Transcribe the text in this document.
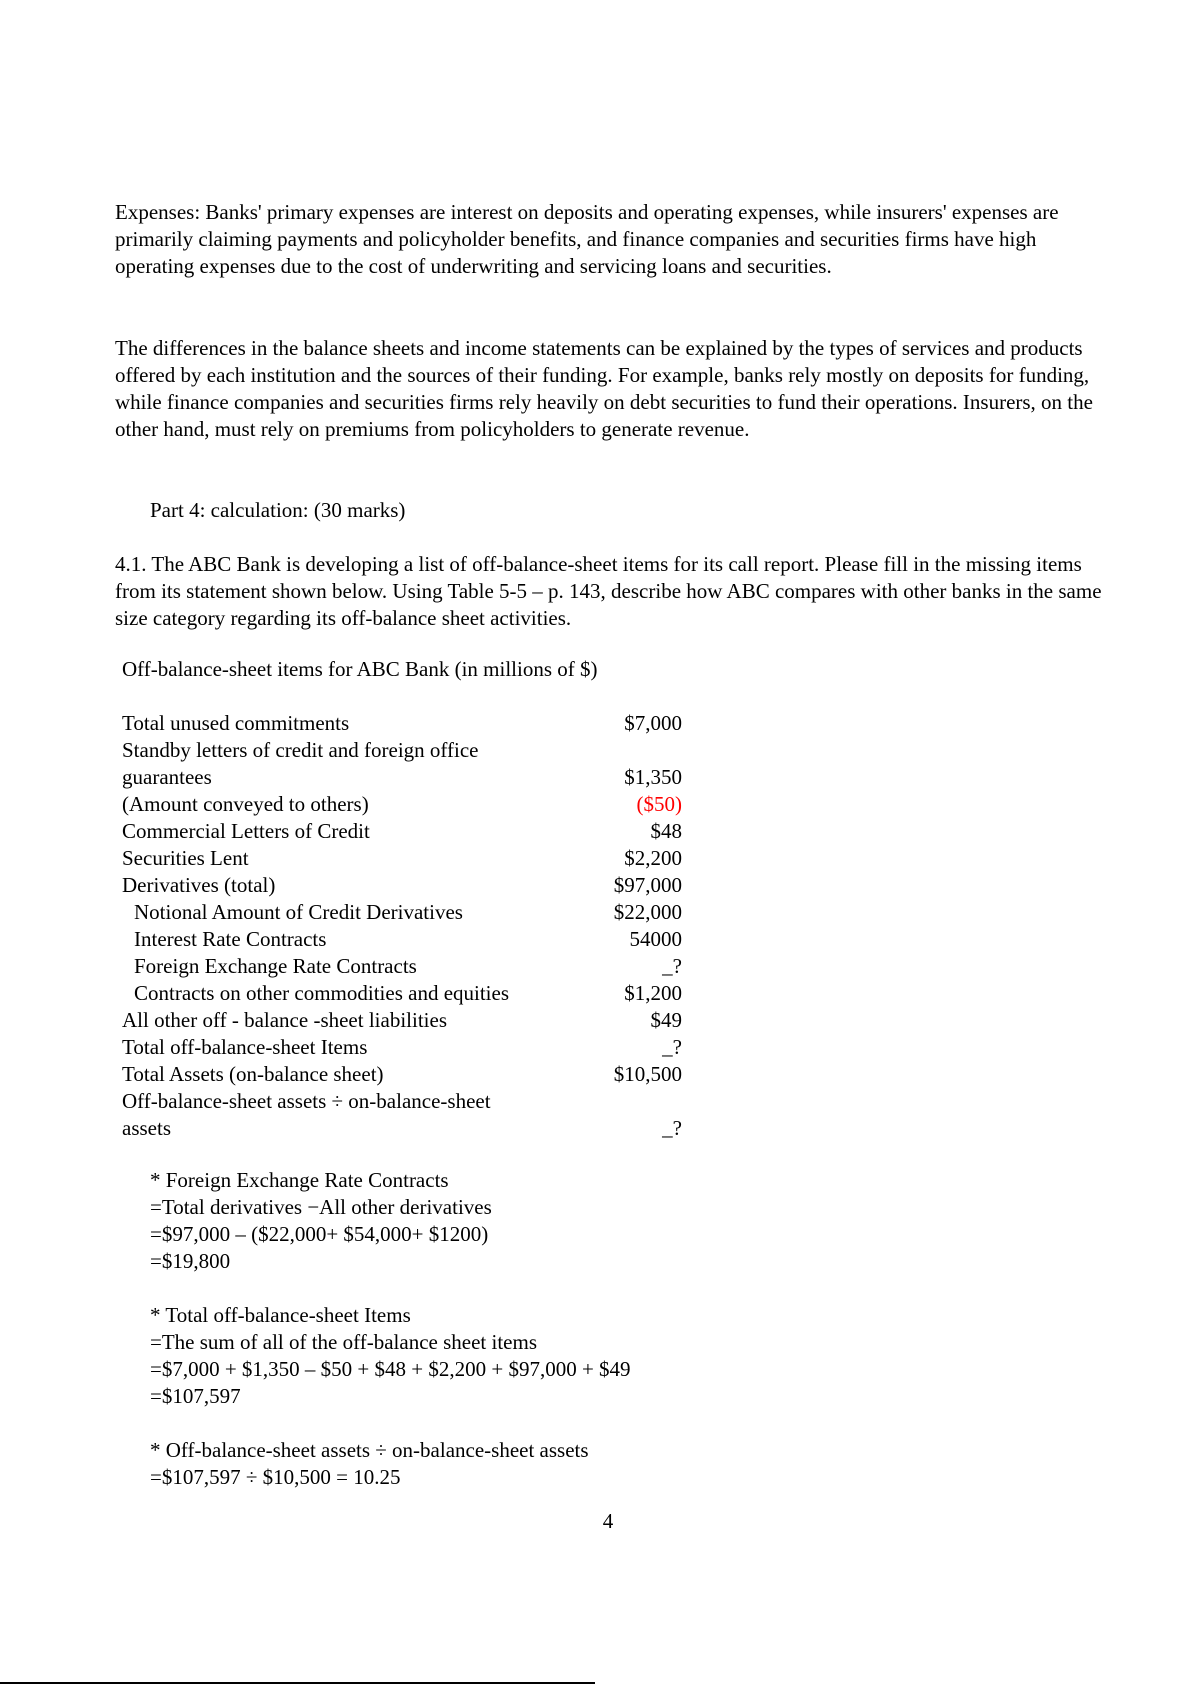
Expenses: Banks' primary expenses are interest on deposits and operating expenses, while insurers' expenses are primarily claiming payments and policyholder benefits, and finance companies and securities firms have high operating expenses due to the cost of underwriting and servicing loans and securities.

The differences in the balance sheets and income statements can be explained by the types of services and products offered by each institution and the sources of their funding. For example, banks rely mostly on deposits for funding, while finance companies and securities firms rely heavily on debt securities to fund their operations. Insurers, on the other hand, must rely on premiums from policyholders to generate revenue.

Part 4: calculation: (30 marks)

4.1. The ABC Bank is developing a list of off-balance-sheet items for its call report. Please fill in the missing items from its statement shown below. Using Table 5-5 – p. 143, describe how ABC compares with other banks in the same size category regarding its off-balance sheet activities.

Off-balance-sheet items for ABC Bank (in millions of $)
Total unused commitments	$7,000
Standby letters of credit and foreign office guarantees	$1,350
(Amount conveyed to others)	($50)
Commercial Letters of Credit	$48
Securities Lent	$2,200
Derivatives (total)	$97,000
Notional Amount of Credit Derivatives	$22,000
Interest Rate Contracts	54000
Foreign Exchange Rate Contracts	_?
Contracts on other commodities and equities	$1,200
All other off - balance -sheet liabilities	$49
Total off-balance-sheet Items	_?
Total Assets (on-balance sheet)	$10,500
Off-balance-sheet assets ÷ on-balance-sheet assets	_?
* Foreign Exchange Rate Contracts
=Total derivatives −All other derivatives
=$97,000 – ($22,000+ $54,000+ $1200)
=$19,800
* Total off-balance-sheet Items
=The sum of all of the off-balance sheet items
=$7,000 + $1,350 – $50 + $48 + $2,200 + $97,000 + $49
=$107,597
* Off-balance-sheet assets ÷ on-balance-sheet assets
=$107,597 ÷ $10,500 = 10.25
4
